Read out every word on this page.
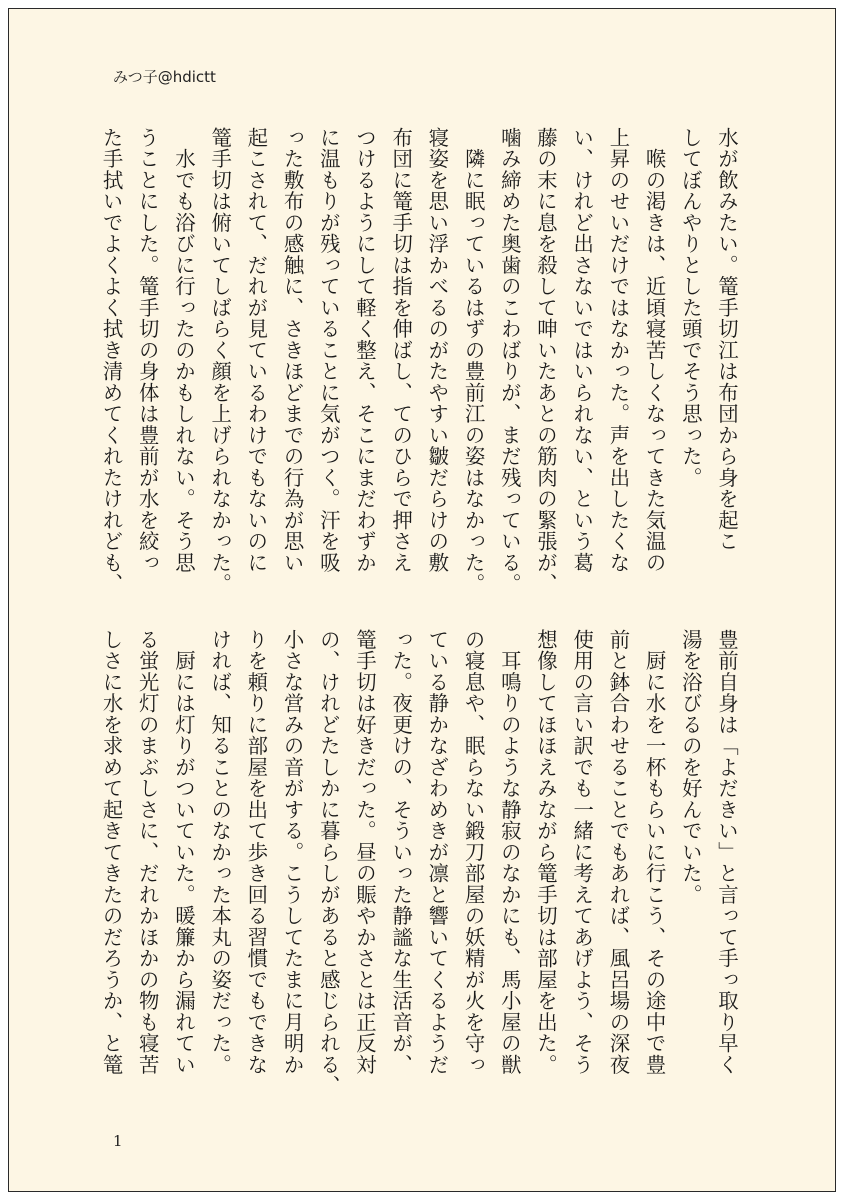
みつ子@hdictt
水が飲みたい。篭手切江は布団から身を起こ
してぼんやりとした頭でそう思った。
　喉の渇きは、近頃寝苦しくなってきた気温の
上昇のせいだけではなかった。声を出したくな
い、けれど出さないではいられない、という葛
藤の末に息を殺して呻いたあとの筋肉の緊張が、
噛み締めた奥歯のこわばりが、まだ残っている。
　隣に眠っているはずの豊前江の姿はなかった。
寝姿を思い浮かべるのがたやすい皺だらけの敷
布団に篭手切は指を伸ばし、てのひらで押さえ
つけるようにして軽く整え、そこにまだわずか
に温もりが残っていることに気がつく。汗を吸
った敷布の感触に、さきほどまでの行為が思い
起こされて、だれが見ているわけでもないのに
篭手切は俯いてしばらく顔を上げられなかった。
　水でも浴びに行ったのかもしれない。そう思
うことにした。篭手切の身体は豊前が水を絞っ
た手拭いでよくよく拭き清めてくれたけれども、
豊前自身は「よだきい」と言って手っ取り早く
湯を浴びるのを好んでいた。
　厨に水を一杯もらいに行こう、その途中で豊
前と鉢合わせることでもあれば、風呂場の深夜
使用の言い訳でも一緒に考えてあげよう、そう
想像してほほえみながら篭手切は部屋を出た。
　耳鳴りのような静寂のなかにも、馬小屋の獣
の寝息や、眠らない鍛刀部屋の妖精が火を守っ
ている静かなざわめきが凛と響いてくるようだ
った。夜更けの、そういった静謐な生活音が、
篭手切は好きだった。昼の賑やかさとは正反対
の、けれどたしかに暮らしがあると感じられる、
小さな営みの音がする。こうしてたまに月明か
りを頼りに部屋を出て歩き回る習慣でもできな
ければ、知ることのなかった本丸の姿だった。
　厨には灯りがついていた。暖簾から漏れてい
る蛍光灯のまぶしさに、だれかほかの物も寝苦
しさに水を求めて起きてきたのだろうか、と篭
1
